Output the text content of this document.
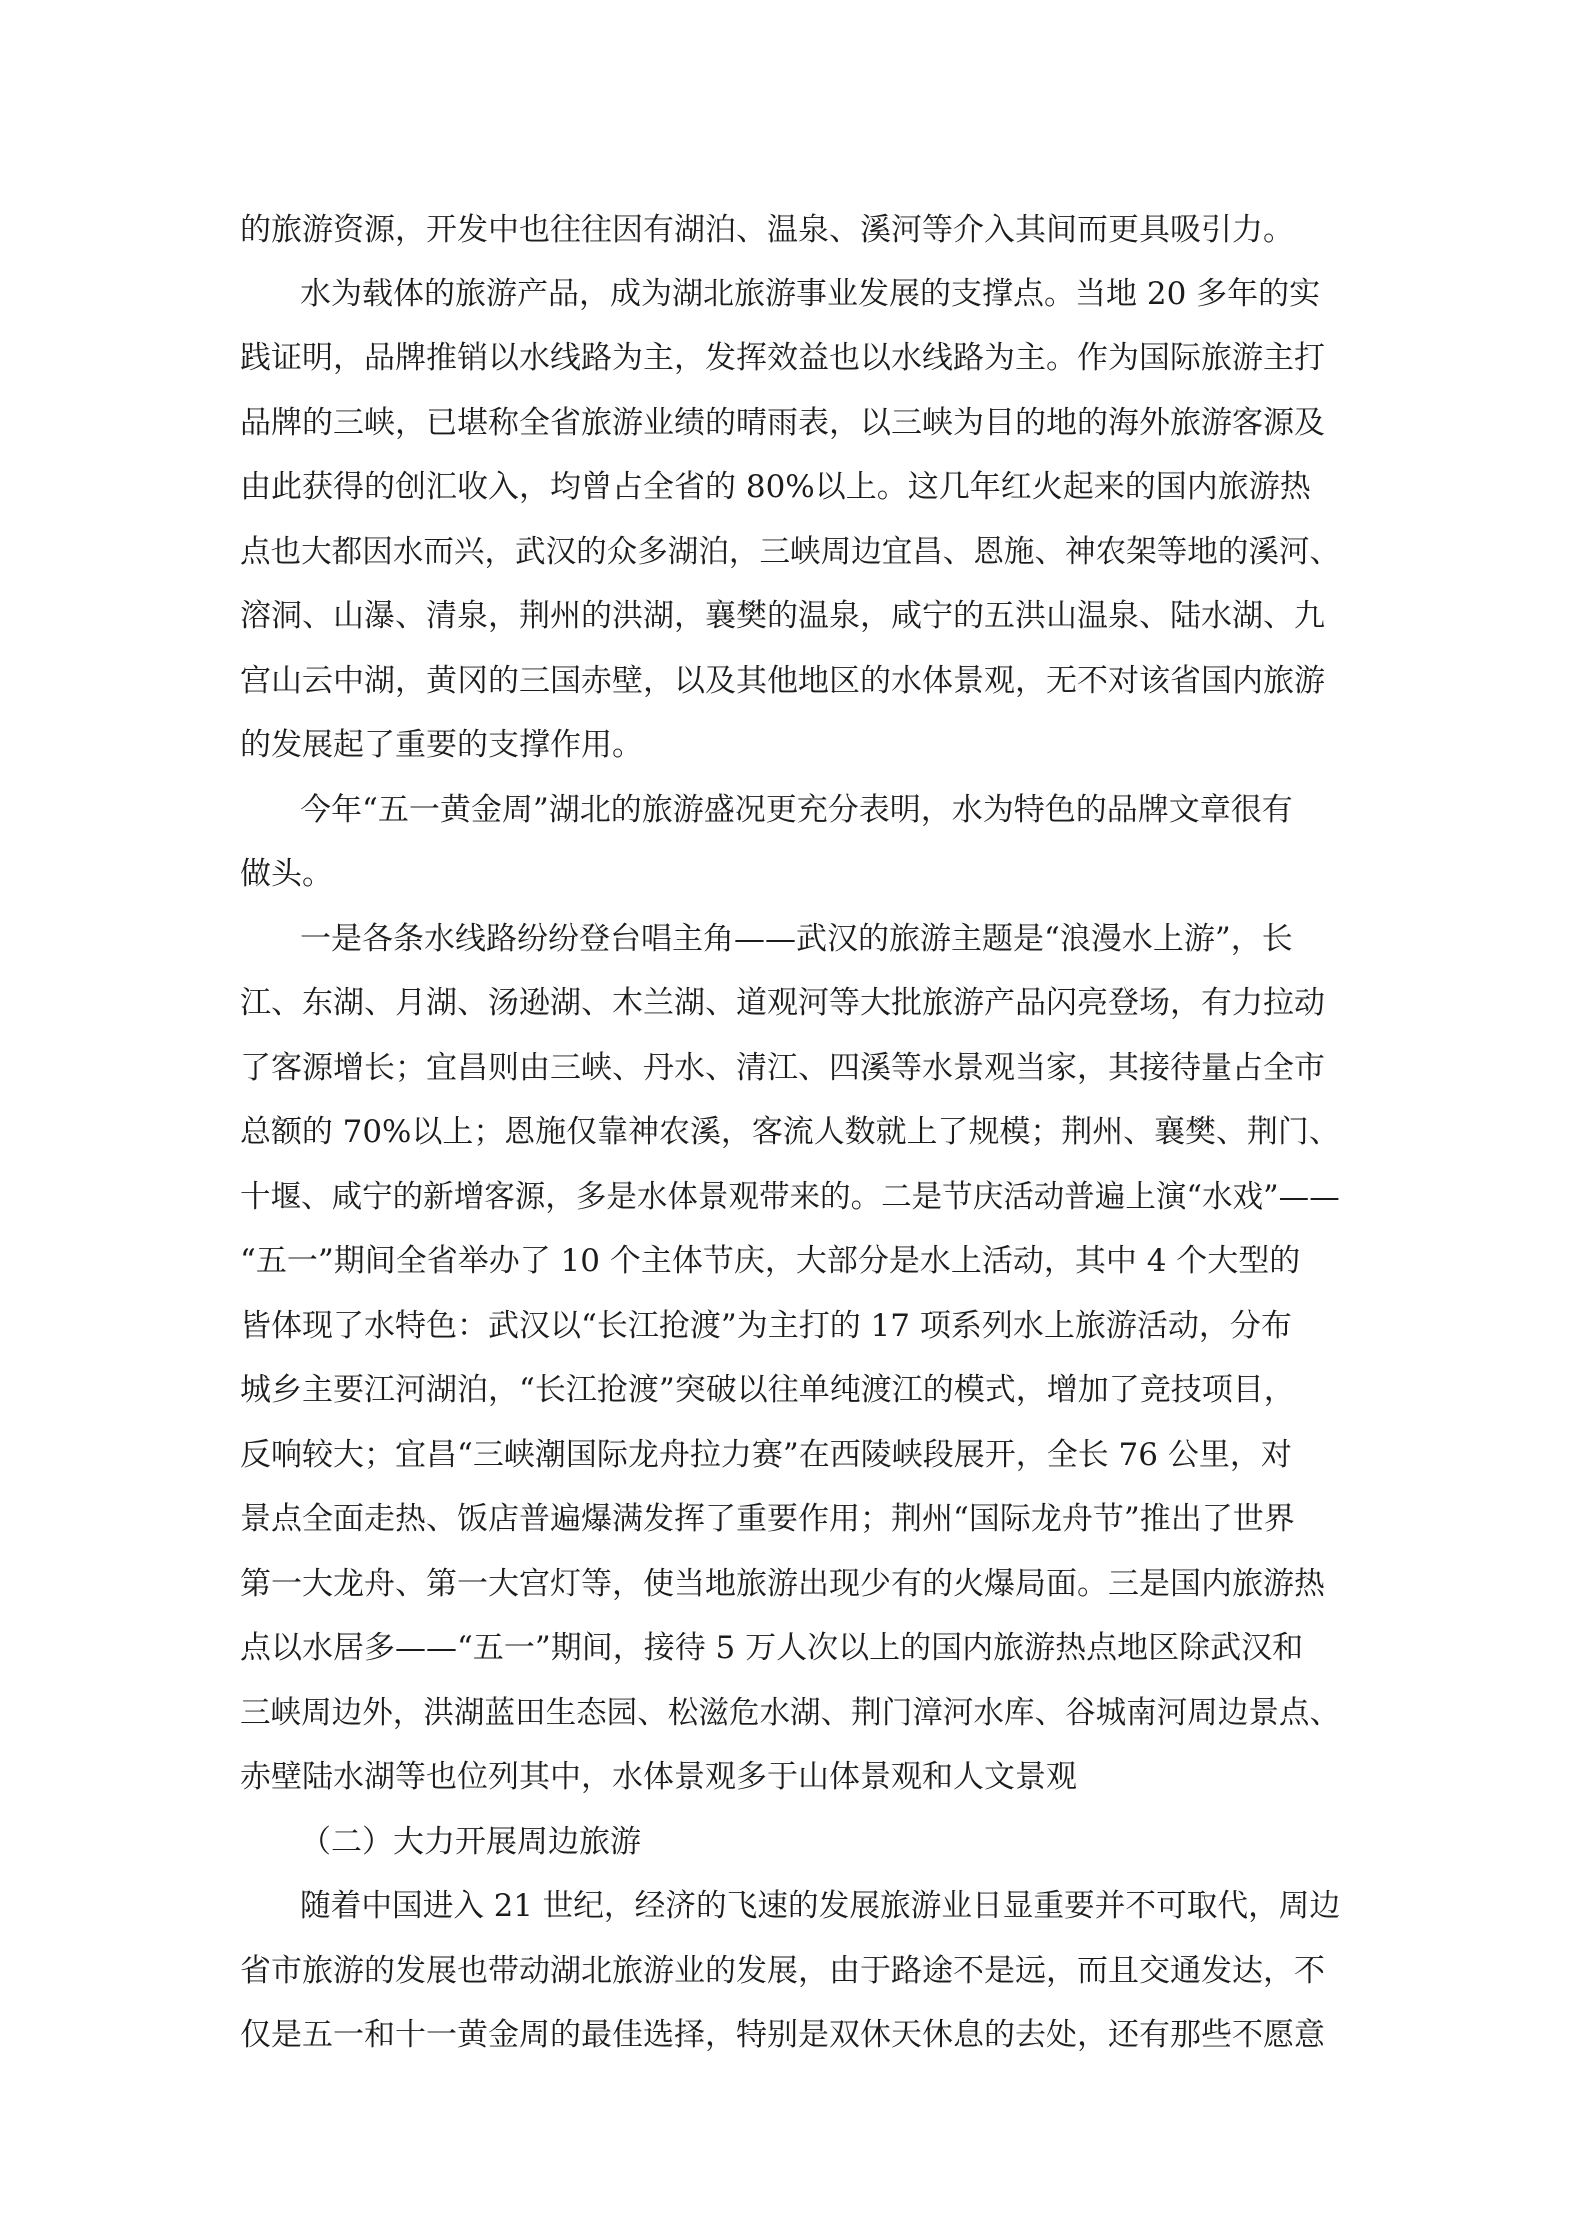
的旅游资源，开发中也往往因有湖泊、温泉、溪河等介入其间而更具吸引力。
水为载体的旅游产品，成为湖北旅游事业发展的支撑点。当地 20 多年的实
践证明，品牌推销以水线路为主，发挥效益也以水线路为主。作为国际旅游主打
品牌的三峡，已堪称全省旅游业绩的晴雨表，以三峡为目的地的海外旅游客源及
由此获得的创汇收入，均曾占全省的 80%以上。这几年红火起来的国内旅游热
点也大都因水而兴，武汉的众多湖泊，三峡周边宜昌、恩施、神农架等地的溪河、
溶洞、山瀑、清泉，荆州的洪湖，襄樊的温泉，咸宁的五洪山温泉、陆水湖、九
宫山云中湖，黄冈的三国赤壁，以及其他地区的水体景观，无不对该省国内旅游
的发展起了重要的支撑作用。
今年“五一黄金周”湖北的旅游盛况更充分表明，水为特色的品牌文章很有
做头。
一是各条水线路纷纷登台唱主角——武汉的旅游主题是“浪漫水上游”，长
江、东湖、月湖、汤逊湖、木兰湖、道观河等大批旅游产品闪亮登场，有力拉动
了客源增长；宜昌则由三峡、丹水、清江、四溪等水景观当家，其接待量占全市
总额的 70%以上；恩施仅靠神农溪，客流人数就上了规模；荆州、襄樊、荆门、
十堰、咸宁的新增客源，多是水体景观带来的。二是节庆活动普遍上演“水戏”——
“五一”期间全省举办了 10 个主体节庆，大部分是水上活动，其中 4 个大型的
皆体现了水特色：武汉以“长江抢渡”为主打的 17 项系列水上旅游活动，分布
城乡主要江河湖泊，“长江抢渡”突破以往单纯渡江的模式，增加了竞技项目，
反响较大；宜昌“三峡潮国际龙舟拉力赛”在西陵峡段展开，全长 76 公里，对
景点全面走热、饭店普遍爆满发挥了重要作用；荆州“国际龙舟节”推出了世界
第一大龙舟、第一大宫灯等，使当地旅游出现少有的火爆局面。三是国内旅游热
点以水居多——“五一”期间，接待 5 万人次以上的国内旅游热点地区除武汉和
三峡周边外，洪湖蓝田生态园、松滋危水湖、荆门漳河水库、谷城南河周边景点、
赤壁陆水湖等也位列其中，水体景观多于山体景观和人文景观
（二）大力开展周边旅游
随着中国进入 21 世纪，经济的飞速的发展旅游业日显重要并不可取代，周边
省市旅游的发展也带动湖北旅游业的发展，由于路途不是远，而且交通发达，不
仅是五一和十一黄金周的最佳选择，特别是双休天休息的去处，还有那些不愿意
